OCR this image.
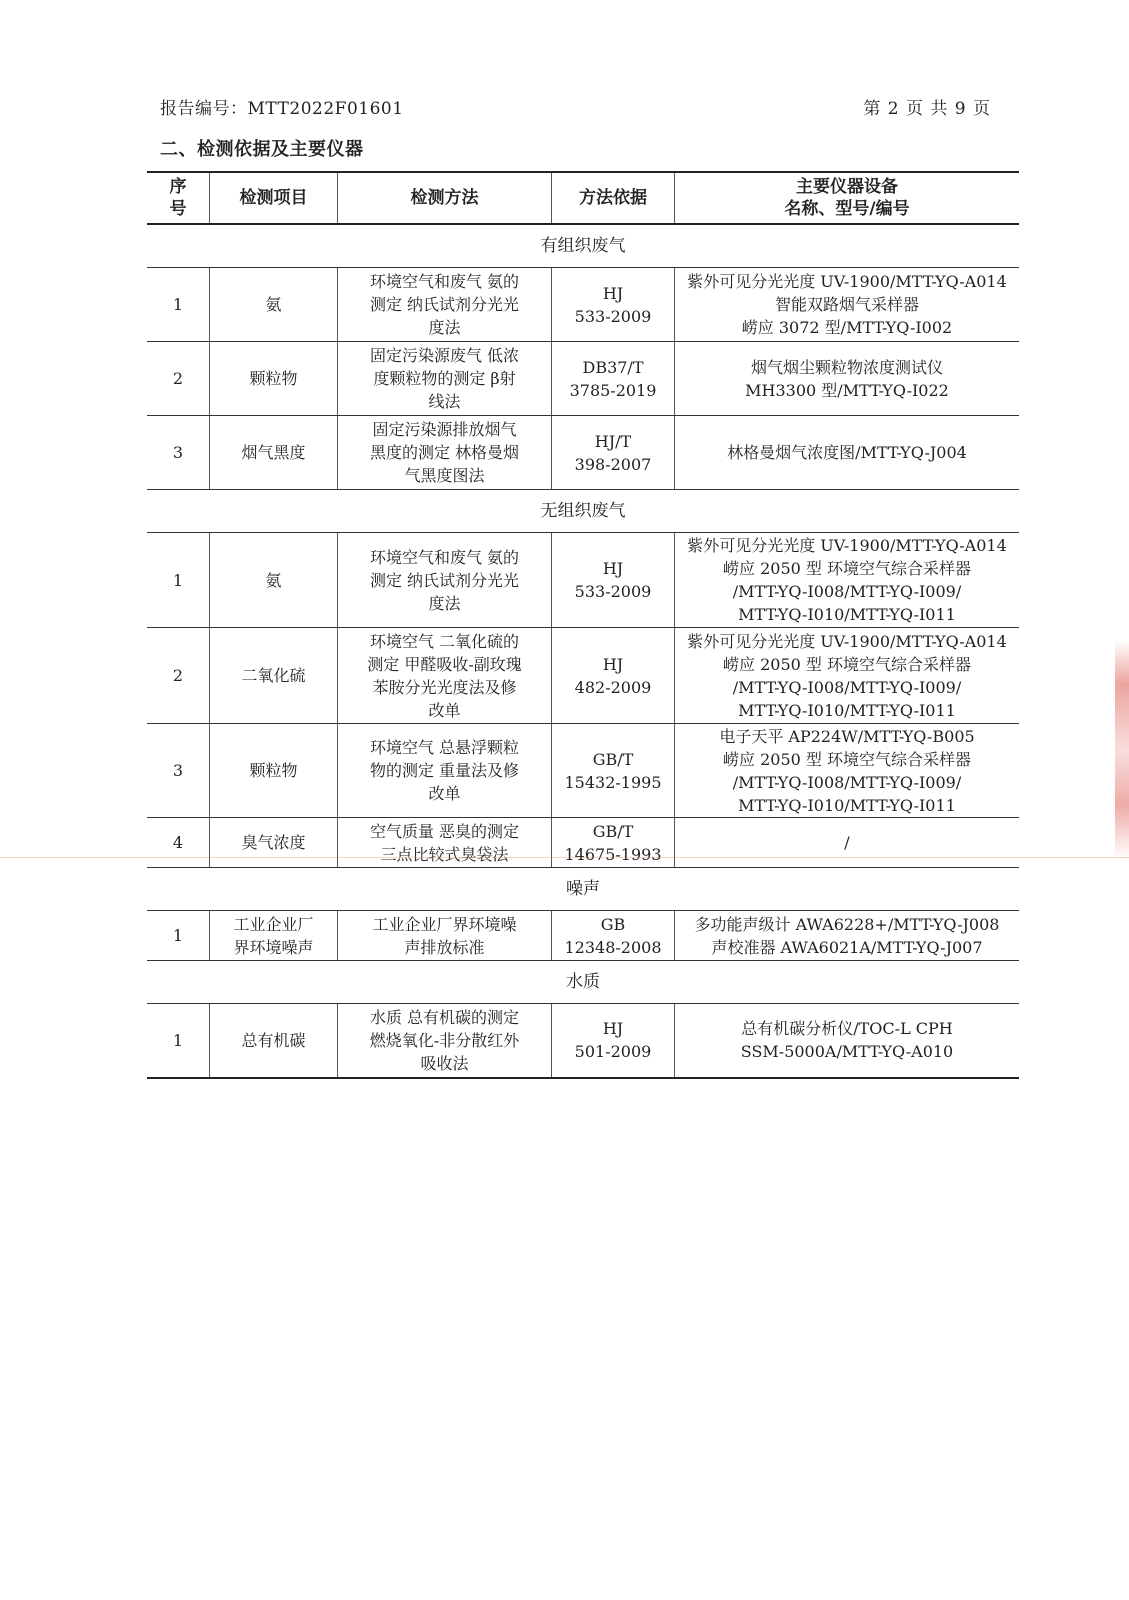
报告编号：MTT2022F01601	第 2 页 共 9 页
二、检测依据及主要仪器
序
号	检测项目	检测方法	方法依据	主要仪器设备
名称、型号/编号
有组织废气				
1	氨	环境空气和废气 氨的
测定 纳氏试剂分光光
度法	HJ
533-2009	紫外可见分光光度 UV-1900/MTT-YQ-A014
智能双路烟气采样器
崂应 3072 型/MTT-YQ-I002
2	颗粒物	固定污染源废气 低浓
度颗粒物的测定 β射
线法	DB37/T
3785-2019	烟气烟尘颗粒物浓度测试仪
MH3300 型/MTT-YQ-I022
3	烟气黑度	固定污染源排放烟气
黑度的测定 林格曼烟
气黑度图法	HJ/T
398-2007	林格曼烟气浓度图/MTT-YQ-J004
无组织废气				
1	氨	环境空气和废气 氨的
测定 纳氏试剂分光光
度法	HJ
533-2009	紫外可见分光光度 UV-1900/MTT-YQ-A014
崂应 2050 型 环境空气综合采样器
/MTT-YQ-I008/MTT-YQ-I009/
MTT-YQ-I010/MTT-YQ-I011
2	二氧化硫	环境空气 二氧化硫的
测定 甲醛吸收-副玫瑰
苯胺分光光度法及修
改单	HJ
482-2009	紫外可见分光光度 UV-1900/MTT-YQ-A014
崂应 2050 型 环境空气综合采样器
/MTT-YQ-I008/MTT-YQ-I009/
MTT-YQ-I010/MTT-YQ-I011
3	颗粒物	环境空气 总悬浮颗粒
物的测定 重量法及修
改单	GB/T
15432-1995	电子天平 AP224W/MTT-YQ-B005
崂应 2050 型 环境空气综合采样器
/MTT-YQ-I008/MTT-YQ-I009/
MTT-YQ-I010/MTT-YQ-I011
4	臭气浓度	空气质量 恶臭的测定
三点比较式臭袋法	GB/T
14675-1993	/
噪声				
1	工业企业厂
界环境噪声	工业企业厂界环境噪
声排放标准	GB
12348-2008	多功能声级计 AWA6228+/MTT-YQ-J008
声校准器 AWA6021A/MTT-YQ-J007
水质				
1	总有机碳	水质 总有机碳的测定
燃烧氧化-非分散红外
吸收法	HJ
501-2009	总有机碳分析仪/TOC-L CPH
SSM-5000A/MTT-YQ-A010
